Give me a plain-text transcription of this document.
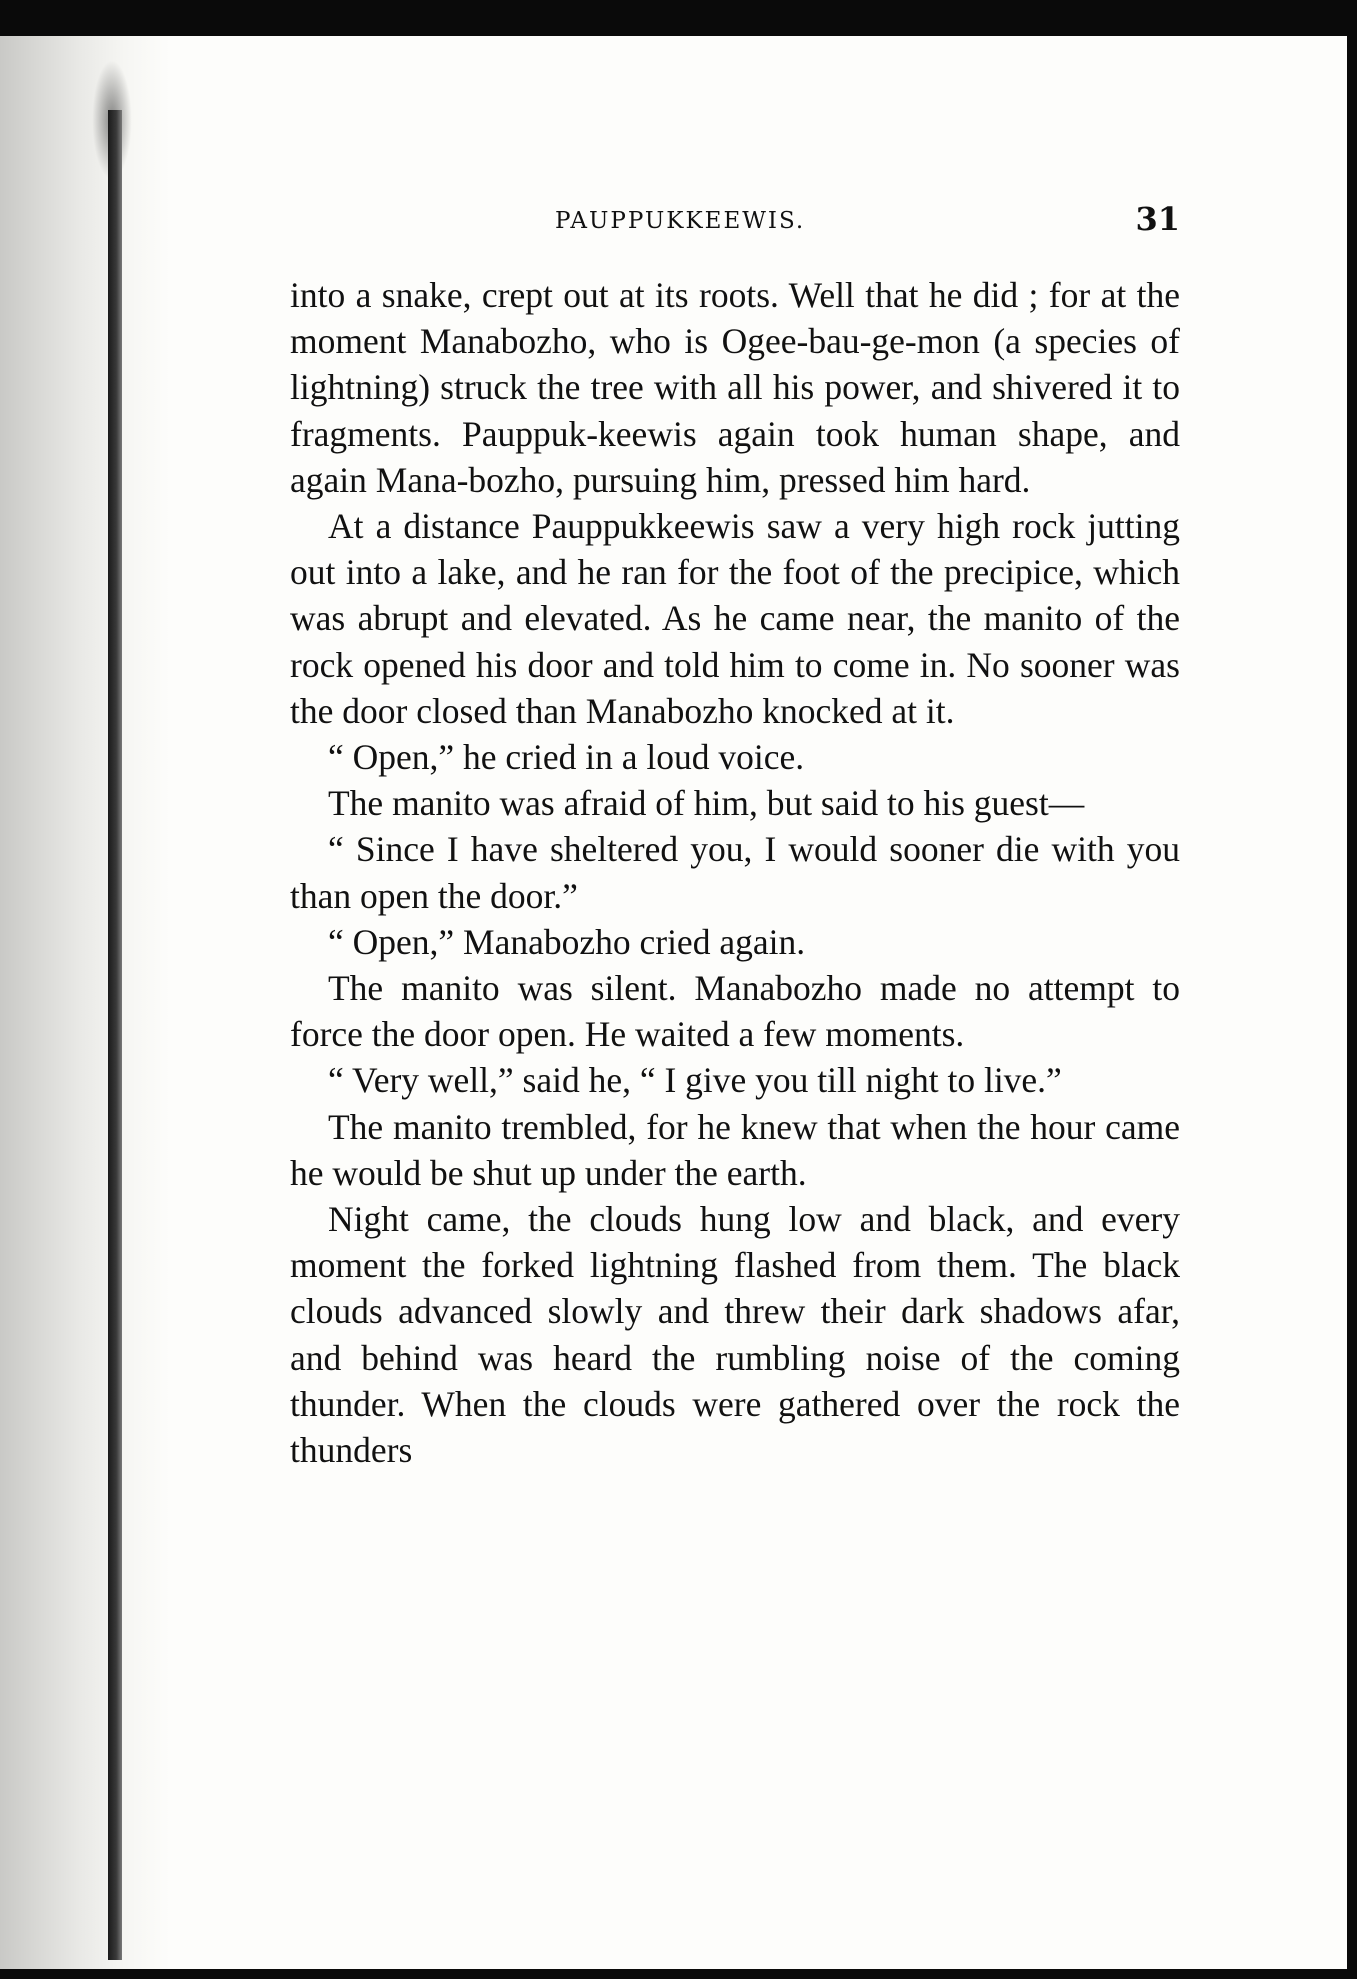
PAUPPUKKEEWIS.	31

into a snake, crept out at its roots. Well that he did ; for at the moment Manabozho, who is Ogee-bau-ge-mon (a species of lightning) struck the tree with all his power, and shivered it to fragments. Pauppuk-keewis again took human shape, and again Mana-bozho, pursuing him, pressed him hard.

At a distance Pauppukkeewis saw a very high rock jutting out into a lake, and he ran for the foot of the precipice, which was abrupt and elevated. As he came near, the manito of the rock opened his door and told him to come in. No sooner was the door closed than Manabozho knocked at it.

“ Open,” he cried in a loud voice.

The manito was afraid of him, but said to his guest—

“ Since I have sheltered you, I would sooner die with you than open the door.”

“ Open,” Manabozho cried again.

The manito was silent. Manabozho made no attempt to force the door open. He waited a few moments.

“ Very well,” said he, “ I give you till night to live.”

The manito trembled, for he knew that when the hour came he would be shut up under the earth.

Night came, the clouds hung low and black, and every moment the forked lightning flashed from them. The black clouds advanced slowly and threw their dark shadows afar, and behind was heard the rumbling noise of the coming thunder. When the clouds were gathered over the rock the thunders
